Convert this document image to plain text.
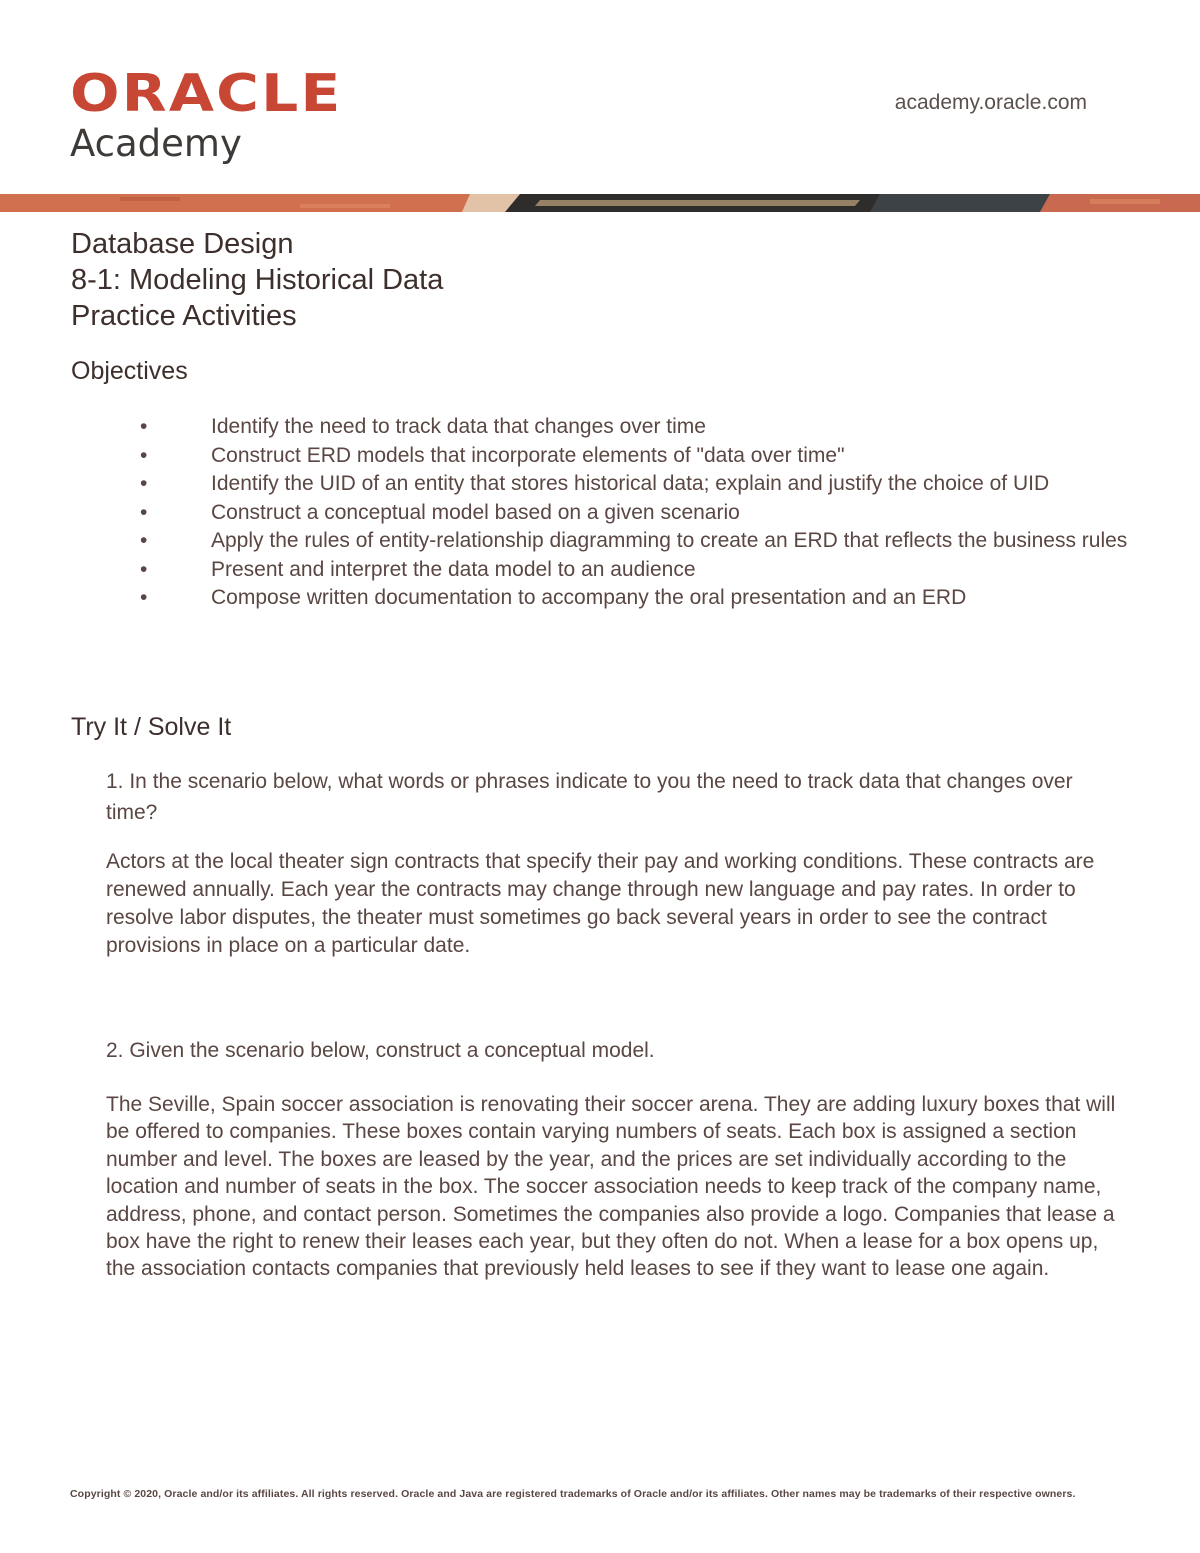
ORACLE
Academy
academy.oracle.com
Database Design
8-1: Modeling Historical Data
Practice Activities
Objectives
•	Identify the need to track data that changes over time
•	Construct ERD models that incorporate elements of "data over time"
•	Identify the UID of an entity that stores historical data; explain and justify the choice of UID
•	Construct a conceptual model based on a given scenario
•	Apply the rules of entity-relationship diagramming to create an ERD that reflects the business rules
•	Present and interpret the data model to an audience
•	Compose written documentation to accompany the oral presentation and an ERD
Try It / Solve It
1. In the scenario below, what words or phrases indicate to you the need to track data that changes over time?
Actors at the local theater sign contracts that specify their pay and working conditions. These contracts are renewed annually. Each year the contracts may change through new language and pay rates. In order to resolve labor disputes, the theater must sometimes go back several years in order to see the contract provisions in place on a particular date.
2. Given the scenario below, construct a conceptual model.
The Seville, Spain soccer association is renovating their soccer arena. They are adding luxury boxes that will be offered to companies. These boxes contain varying numbers of seats. Each box is assigned a section number and level. The boxes are leased by the year, and the prices are set individually according to the location and number of seats in the box. The soccer association needs to keep track of the company name, address, phone, and contact person. Sometimes the companies also provide a logo. Companies that lease a box have the right to renew their leases each year, but they often do not. When a lease for a box opens up, the association contacts companies that previously held leases to see if they want to lease one again.
Copyright © 2020, Oracle and/or its affiliates. All rights reserved. Oracle and Java are registered trademarks of Oracle and/or its affiliates. Other names may be trademarks of their respective owners.
